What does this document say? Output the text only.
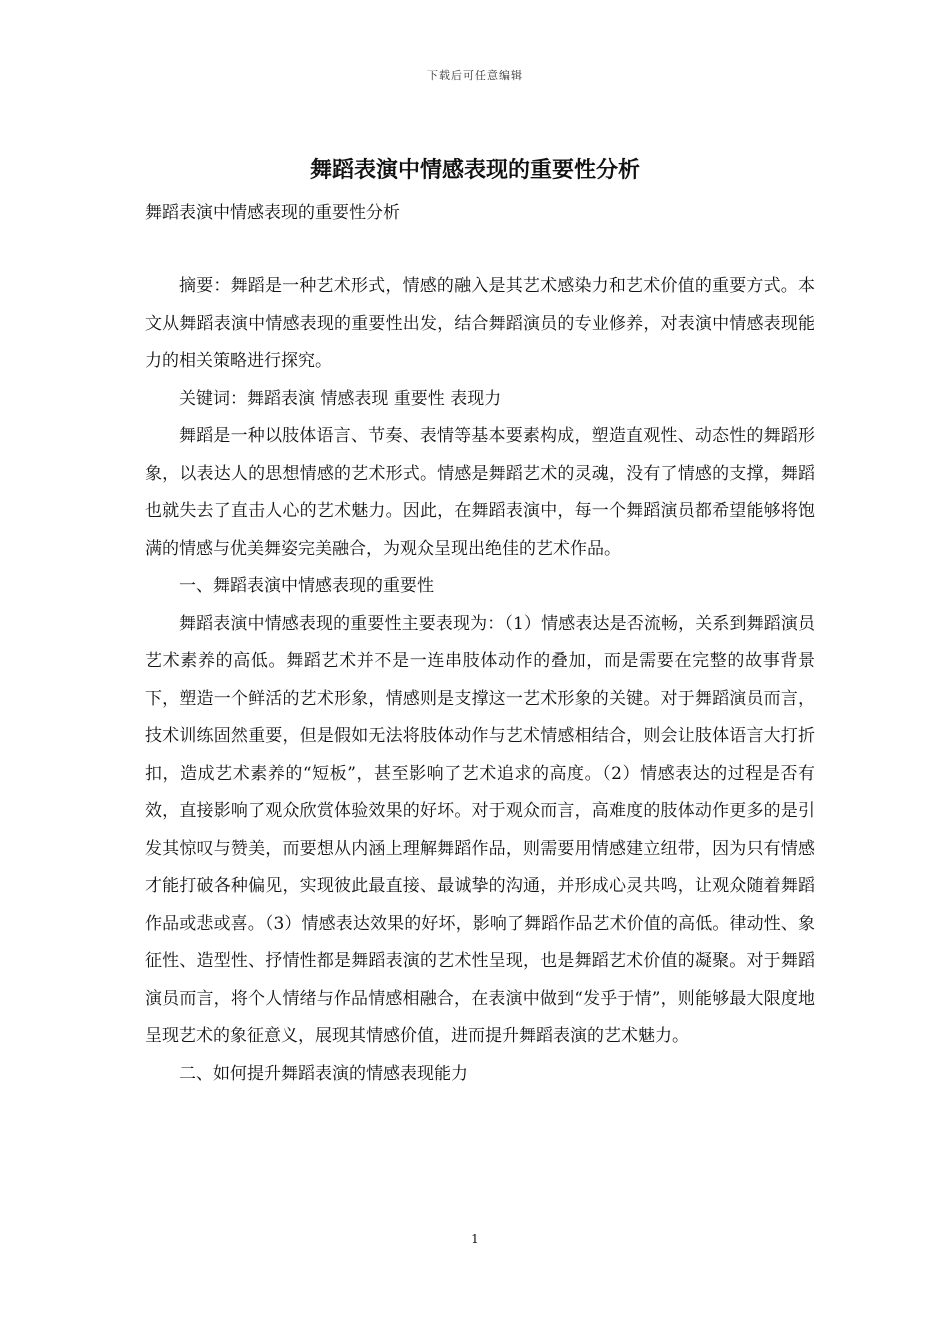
下载后可任意编辑
舞蹈表演中情感表现的重要性分析
舞蹈表演中情感表现的重要性分析

摘要：舞蹈是一种艺术形式，情感的融入是其艺术感染力和艺术价值的重要方式。本文从舞蹈表演中情感表现的重要性出发，结合舞蹈演员的专业修养，对表演中情感表现能力的相关策略进行探究。

关键词：舞蹈表演 情感表现 重要性 表现力

舞蹈是一种以肢体语言、节奏、表情等基本要素构成，塑造直观性、动态性的舞蹈形象，以表达人的思想情感的艺术形式。情感是舞蹈艺术的灵魂，没有了情感的支撑，舞蹈也就失去了直击人心的艺术魅力。因此，在舞蹈表演中，每一个舞蹈演员都希望能够将饱满的情感与优美舞姿完美融合，为观众呈现出绝佳的艺术作品。

一、舞蹈表演中情感表现的重要性

舞蹈表演中情感表现的重要性主要表现为：（1）情感表达是否流畅，关系到舞蹈演员艺术素养的高低。舞蹈艺术并不是一连串肢体动作的叠加，而是需要在完整的故事背景下，塑造一个鲜活的艺术形象，情感则是支撑这一艺术形象的关键。对于舞蹈演员而言，技术训练固然重要，但是假如无法将肢体动作与艺术情感相结合，则会让肢体语言大打折扣，造成艺术素养的“短板”，甚至影响了艺术追求的高度。（2）情感表达的过程是否有效，直接影响了观众欣赏体验效果的好坏。对于观众而言，高难度的肢体动作更多的是引发其惊叹与赞美，而要想从内涵上理解舞蹈作品，则需要用情感建立纽带，因为只有情感才能打破各种偏见，实现彼此最直接、最诚挚的沟通，并形成心灵共鸣，让观众随着舞蹈作品或悲或喜。（3）情感表达效果的好坏，影响了舞蹈作品艺术价值的高低。律动性、象征性、造型性、抒情性都是舞蹈表演的艺术性呈现，也是舞蹈艺术价值的凝聚。对于舞蹈演员而言，将个人情绪与作品情感相融合，在表演中做到“发乎于情”，则能够最大限度地呈现艺术的象征意义，展现其情感价值，进而提升舞蹈表演的艺术魅力。

二、如何提升舞蹈表演的情感表现能力

1
